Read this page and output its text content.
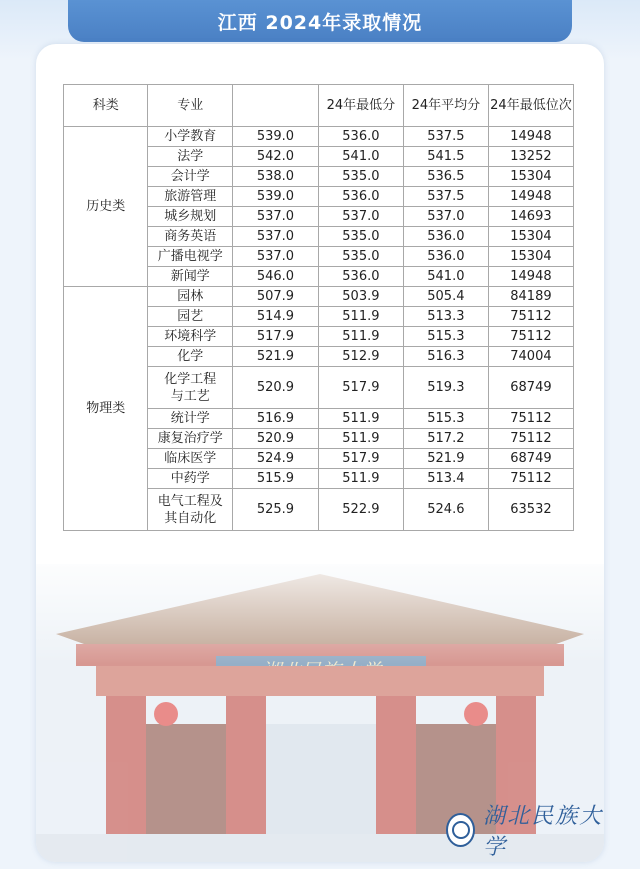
江西 2024年录取情况
科类	专业		24年最低分	24年平均分	24年最低位次
历史类	小学教育	539.0	536.0	537.5	14948
	法学	542.0	541.0	541.5	13252
	会计学	538.0	535.0	536.5	15304
	旅游管理	539.0	536.0	537.5	14948
	城乡规划	537.0	537.0	537.0	14693
	商务英语	537.0	535.0	536.0	15304
	广播电视学	537.0	535.0	536.0	15304
	新闻学	546.0	536.0	541.0	14948
物理类	园林	507.9	503.9	505.4	84189
	园艺	514.9	511.9	513.3	75112
	环境科学	517.9	511.9	515.3	75112
	化学	521.9	512.9	516.3	74004
	化学工程
与工艺	520.9	517.9	519.3	68749
	统计学	516.9	511.9	515.3	75112
	康复治疗学	520.9	511.9	517.2	75112
	临床医学	524.9	517.9	521.9	68749
	中药学	515.9	511.9	513.4	75112
	电气工程及
其自动化	525.9	522.9	524.6	63532
湖北民族大学
